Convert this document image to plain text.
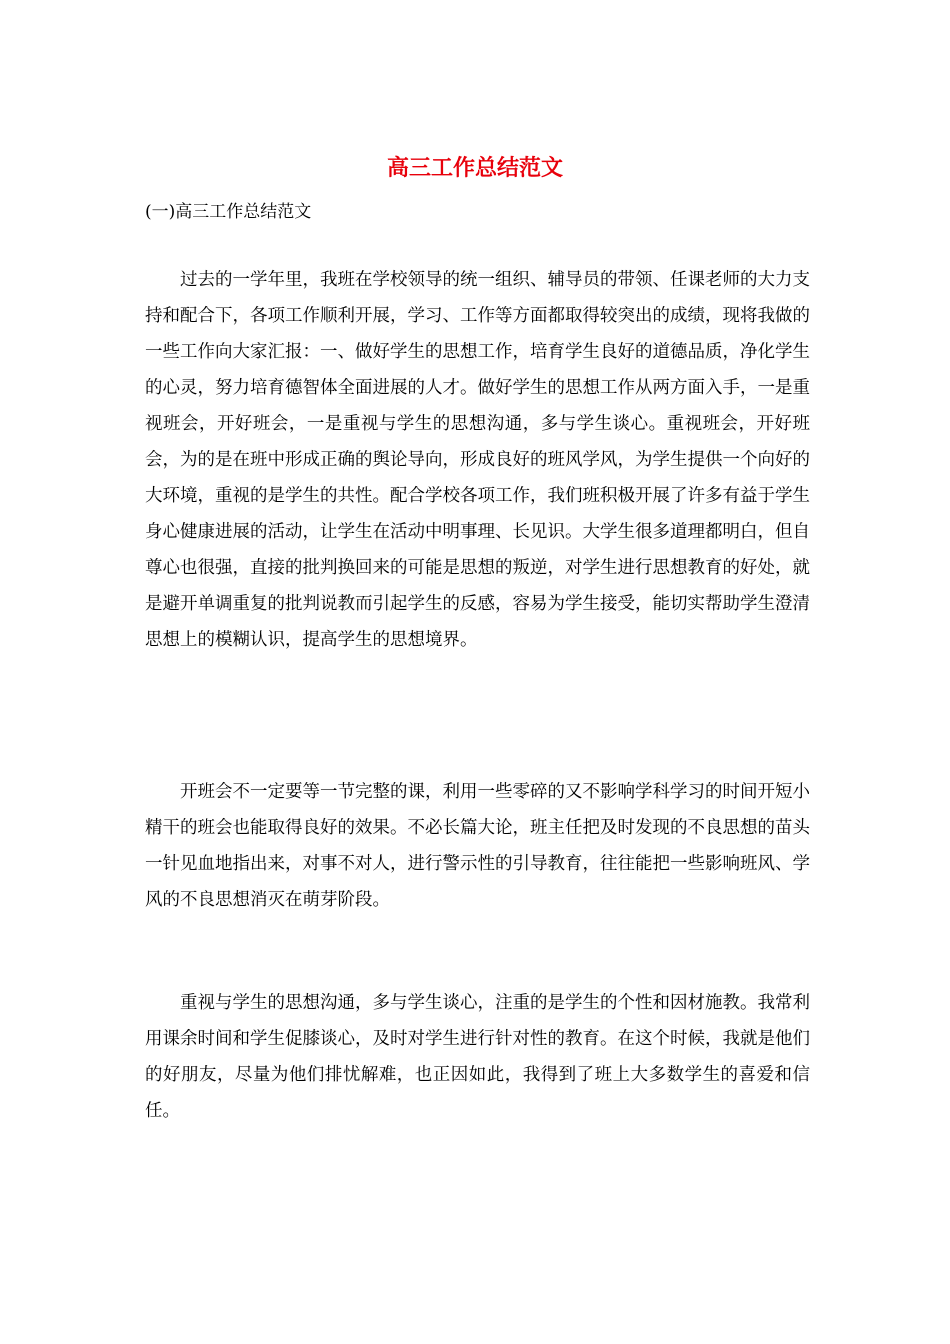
高三工作总结范文

(一)高三工作总结范文

过去的一学年里，我班在学校领导的统一组织、辅导员的带领、任课老师的大力支持和配合下，各项工作顺利开展，学习、工作等方面都取得较突出的成绩，现将我做的一些工作向大家汇报：一、做好学生的思想工作，培育学生良好的道德品质，净化学生的心灵，努力培育德智体全面进展的人才。做好学生的思想工作从两方面入手，一是重视班会，开好班会，一是重视与学生的思想沟通，多与学生谈心。重视班会，开好班会，为的是在班中形成正确的舆论导向，形成良好的班风学风，为学生提供一个向好的大环境，重视的是学生的共性。配合学校各项工作，我们班积极开展了许多有益于学生身心健康进展的活动，让学生在活动中明事理、长见识。大学生很多道理都明白，但自尊心也很强，直接的批判换回来的可能是思想的叛逆，对学生进行思想教育的好处，就是避开单调重复的批判说教而引起学生的反感，容易为学生接受，能切实帮助学生澄清思想上的模糊认识，提高学生的思想境界。

开班会不一定要等一节完整的课，利用一些零碎的又不影响学科学习的时间开短小精干的班会也能取得良好的效果。不必长篇大论，班主任把及时发现的不良思想的苗头一针见血地指出来，对事不对人，进行警示性的引导教育，往往能把一些影响班风、学风的不良思想消灭在萌芽阶段。

重视与学生的思想沟通，多与学生谈心，注重的是学生的个性和因材施教。我常利用课余时间和学生促膝谈心，及时对学生进行针对性的教育。在这个时候，我就是他们的好朋友，尽量为他们排忧解难，也正因如此，我得到了班上大多数学生的喜爱和信任。
